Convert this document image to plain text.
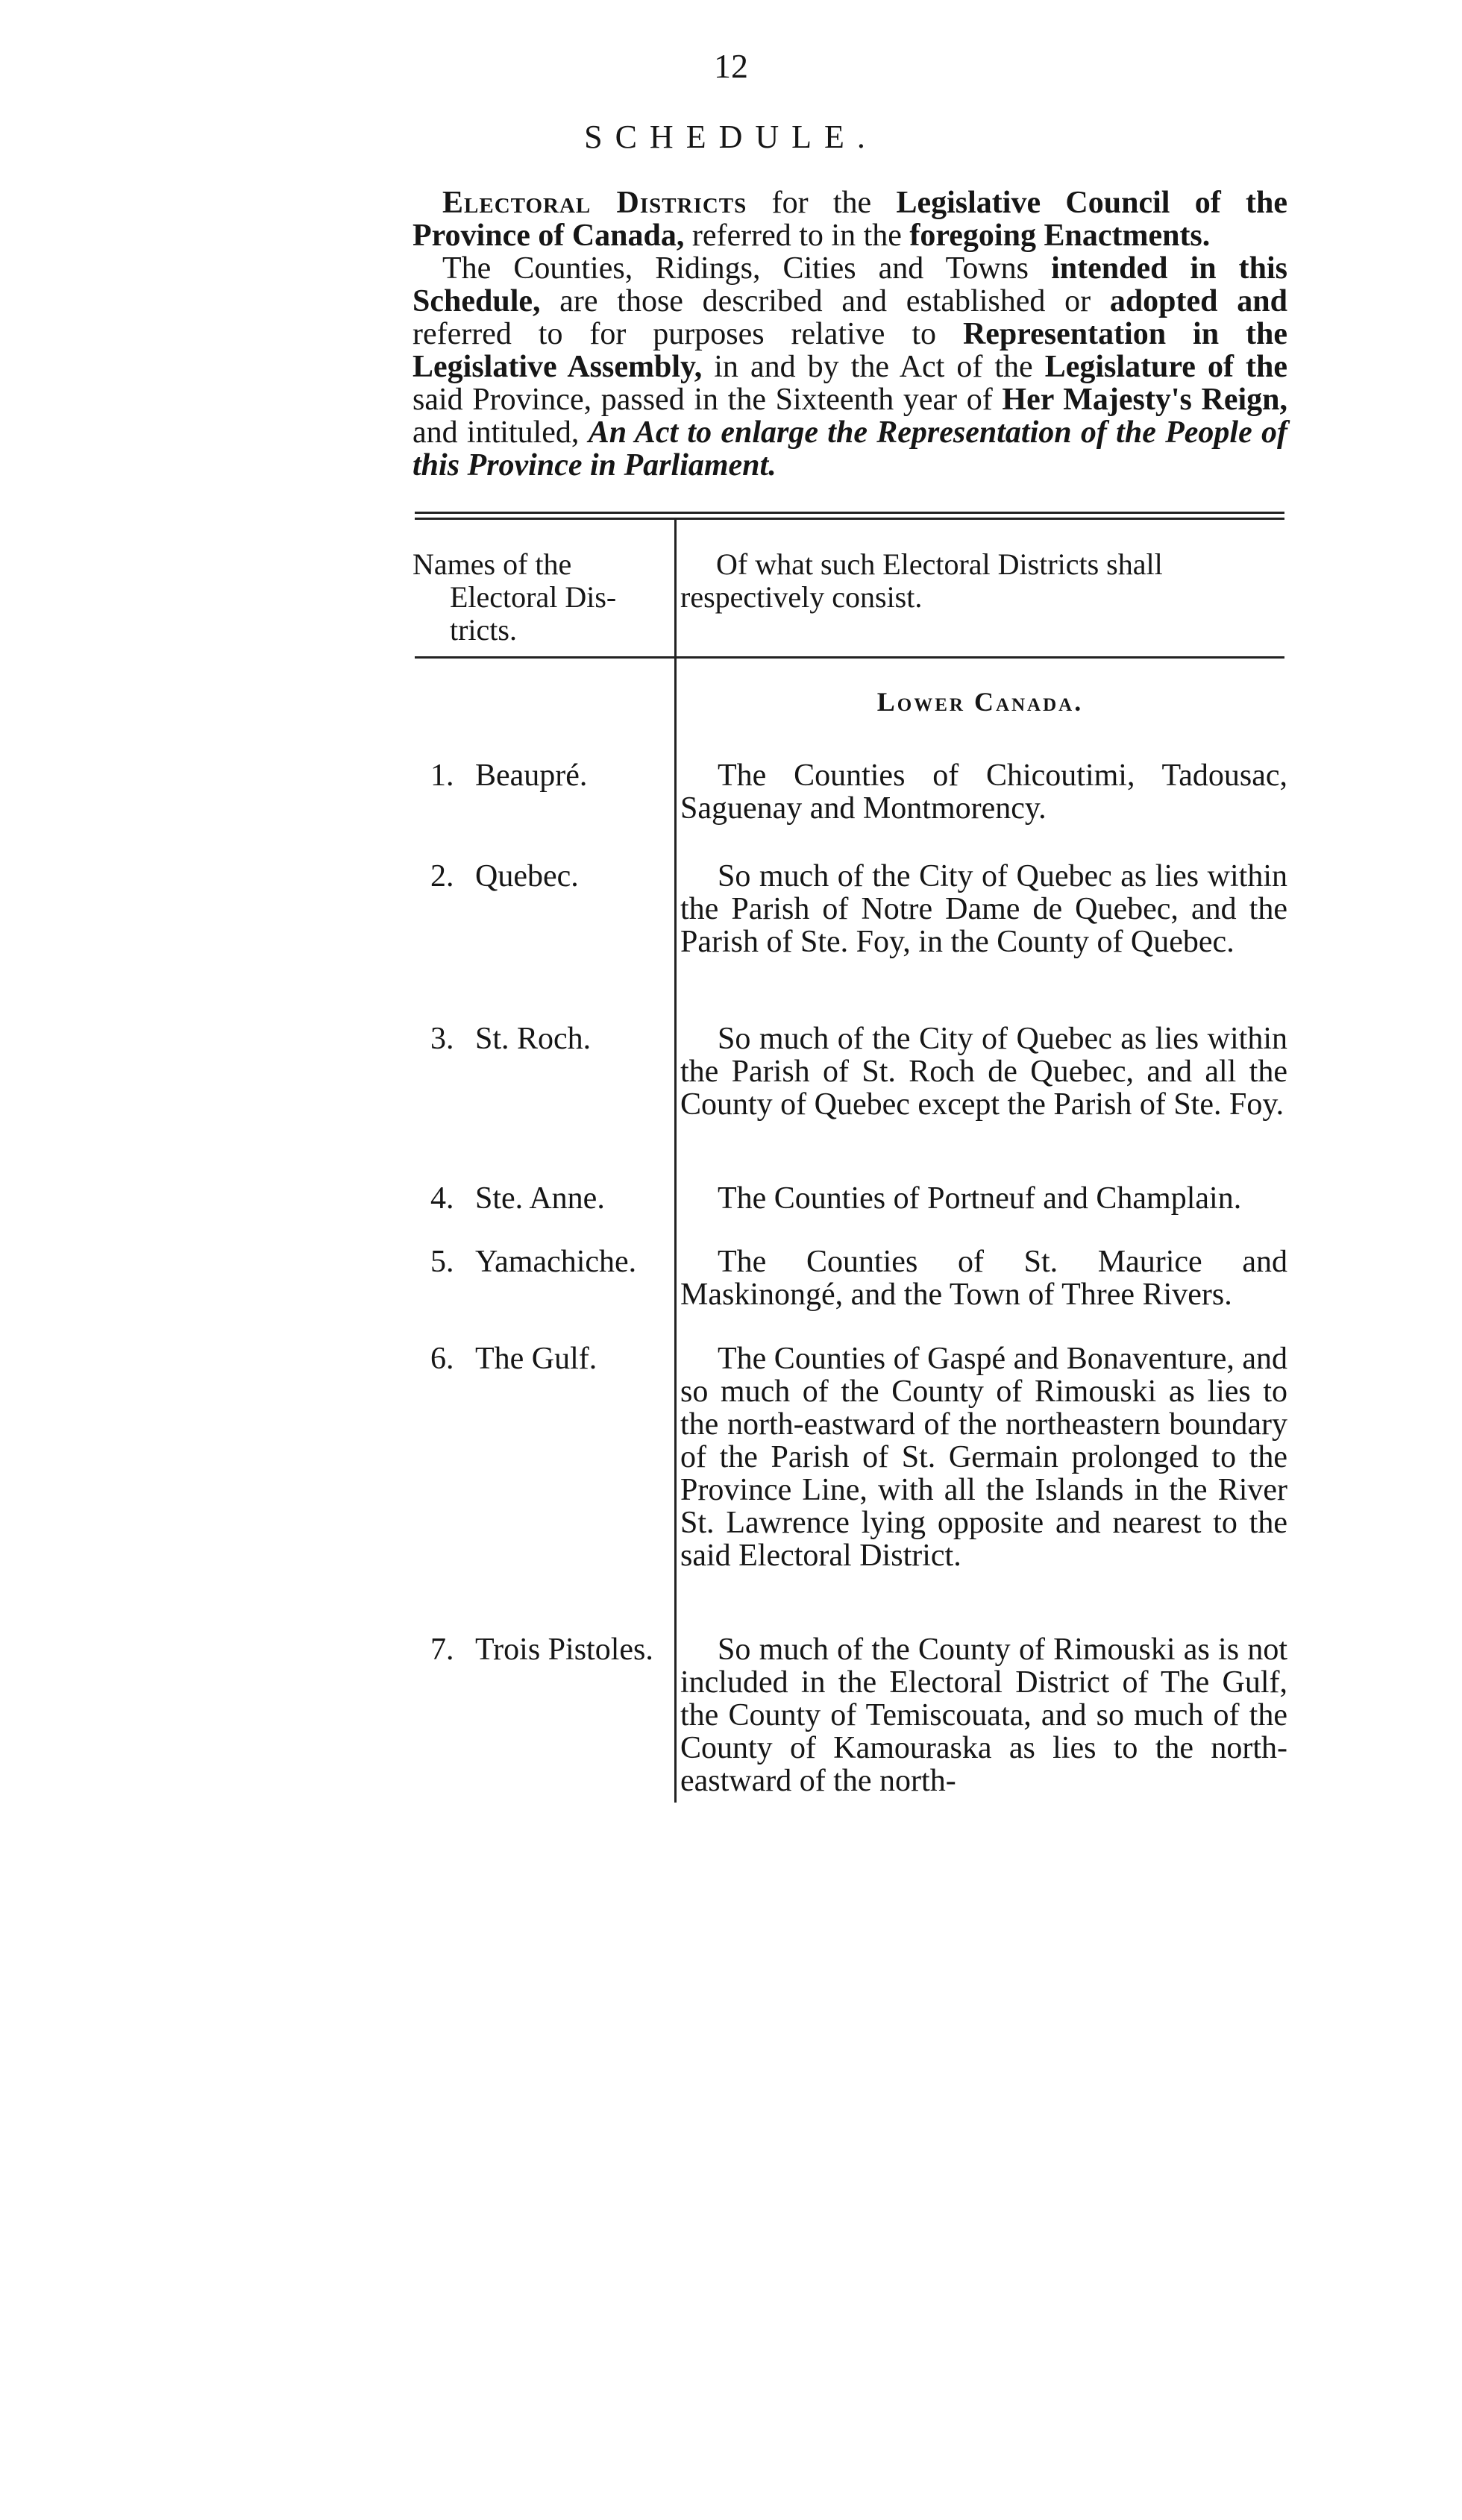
12
SCHEDULE.

Electoral Districts for the Legislative Council of the Province of Canada, referred to in the foregoing Enactments.

The Counties, Ridings, Cities and Towns intended in this Schedule, are those described and established or adopted and referred to for purposes relative to Representation in the Legislative Assembly, in and by the Act of the Legislature of the said Province, passed in the Sixteenth year of Her Majesty's Reign, and intituled, An Act to enlarge the Representation of the People of this Province in Parliament.

Names of the
Electoral Dis-
tricts.
Of what such Electoral Districts shall respectively consist.
Lower Canada.
1. Beaupré.	The Counties of Chicoutimi, Tadousac, Saguenay and Montmorency.
2. Quebec.	So much of the City of Quebec as lies within the Parish of Notre Dame de Quebec, and the Parish of Ste. Foy, in the County of Quebec.
3. St. Roch.	So much of the City of Quebec as lies within the Parish of St. Roch de Quebec, and all the County of Quebec except the Parish of Ste. Foy.
4. Ste. Anne.	The Counties of Portneuf and Champlain.
5. Yamachiche.	The Counties of St. Maurice and Maskinongé, and the Town of Three Rivers.
6. The Gulf.	The Counties of Gaspé and Bonaventure, and so much of the County of Rimouski as lies to the north-eastward of the northeastern boundary of the Parish of St. Germain prolonged to the Province Line, with all the Islands in the River St. Lawrence lying opposite and nearest to the said Electoral District.
7. Trois Pistoles.	So much of the County of Rimouski as is not included in the Electoral District of The Gulf, the County of Temiscouata, and so much of the County of Kamouraska as lies to the north-eastward of the north-
